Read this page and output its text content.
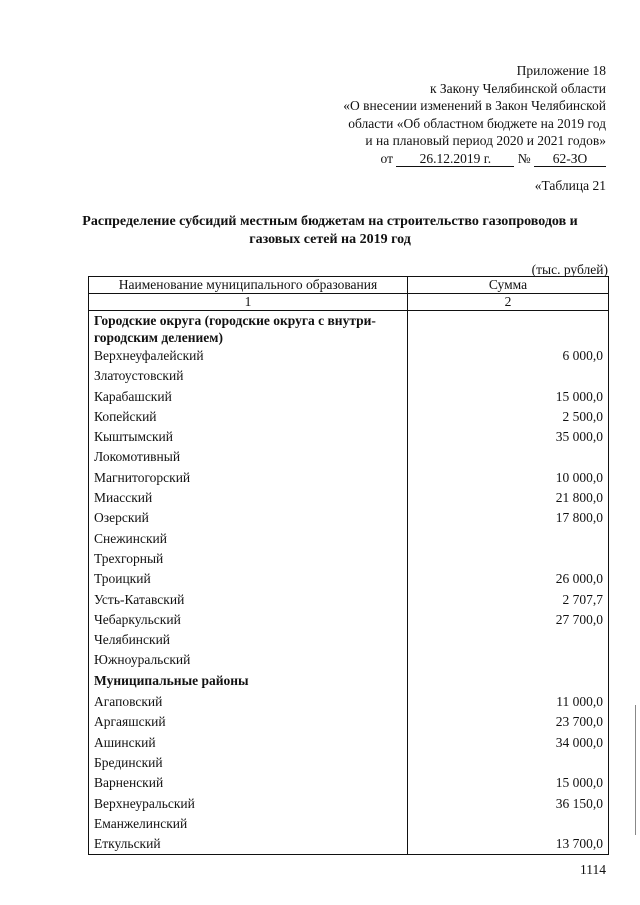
Приложение 18
к Закону Челябинской области
«О внесении изменений в Закон Челябинской
области «Об областном бюджете на 2019 год
и на плановый период 2020 и 2021 годов»
от 26.12.2019 г. № 62-ЗО
«Таблица 21
Распределение субсидий местным бюджетам на строительство газопроводов и газовых сетей на 2019 год
(тыс. рублей)
Наименование муниципального образования	Сумма
1	2
Городские округа (городские округа с внутри-городским делением)	
Верхнеуфалейский	6 000,0
Златоустовский	
Карабашский	15 000,0
Копейский	2 500,0
Кыштымский	35 000,0
Локомотивный	
Магнитогорский	10 000,0
Миасский	21 800,0
Озерский	17 800,0
Снежинский	
Трехгорный	
Троицкий	26 000,0
Усть-Катавский	2 707,7
Чебаркульский	27 700,0
Челябинский	
Южноуральский	
Муниципальные районы	
Агаповский	11 000,0
Аргаяшский	23 700,0
Ашинский	34 000,0
Брединский	
Варненский	15 000,0
Верхнеуральский	36 150,0
Еманжелинский	
Еткульский	13 700,0
1114
